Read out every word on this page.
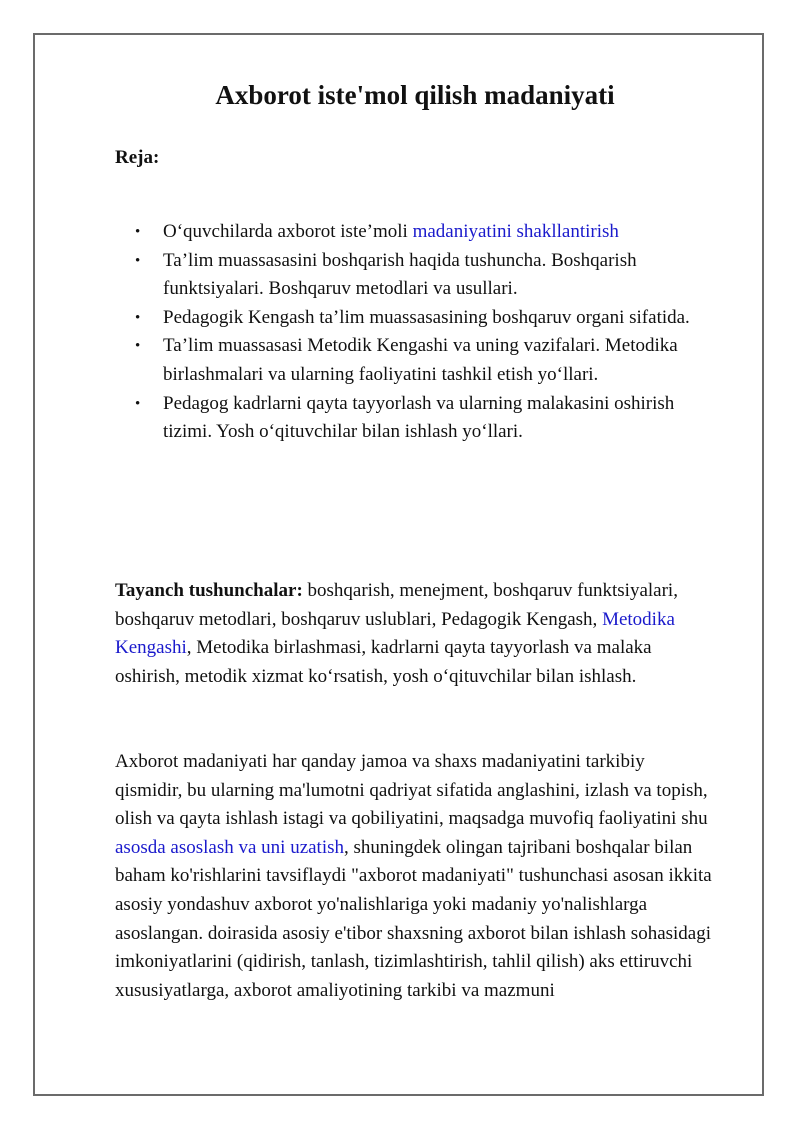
Axborot iste'mol qilish madaniyati

Reja:

• O‘quvchilarda axborot iste’moli madaniyatini shakllantirish
• Ta’lim muassasasini boshqarish haqida tushuncha. Boshqarish funktsiyalari. Boshqaruv metodlari va usullari.
• Pedagogik Kengash ta’lim muassasasining boshqaruv organi sifatida.
• Ta’lim muassasasi Metodik Kengashi va uning vazifalari. Metodika birlashmalari va ularning faoliyatini tashkil etish yo‘llari.
• Pedagog kadrlarni qayta tayyorlash va ularning malakasini oshirish tizimi. Yosh o‘qituvchilar bilan ishlash yo‘llari.

Tayanch tushunchalar: boshqarish, menejment, boshqaruv funktsiyalari, boshqaruv metodlari, boshqaruv uslublari, Pedagogik Kengash, Metodika Kengashi, Metodika birlashmasi, kadrlarni qayta tayyorlash va malaka oshirish, metodik xizmat ko‘rsatish, yosh o‘qituvchilar bilan ishlash.

Axborot madaniyati har qanday jamoa va shaxs madaniyatini tarkibiy qismidir, bu ularning ma'lumotni qadriyat sifatida anglashini, izlash va topish, olish va qayta ishlash istagi va qobiliyatini, maqsadga muvofiq faoliyatini shu asosda asoslash va uni uzatish, shuningdek olingan tajribani boshqalar bilan baham ko'rishlarini tavsiflaydi "axborot madaniyati" tushunchasi asosan ikkita asosiy yondashuv axborot yo'nalishlariga yoki madaniy yo'nalishlarga asoslangan. doirasida asosiy e'tibor shaxsning axborot bilan ishlash sohasidagi imkoniyatlarini (qidirish, tanlash, tizimlashtirish, tahlil qilish) aks ettiruvchi xususiyatlarga, axborot amaliyotining tarkibi va mazmuni
